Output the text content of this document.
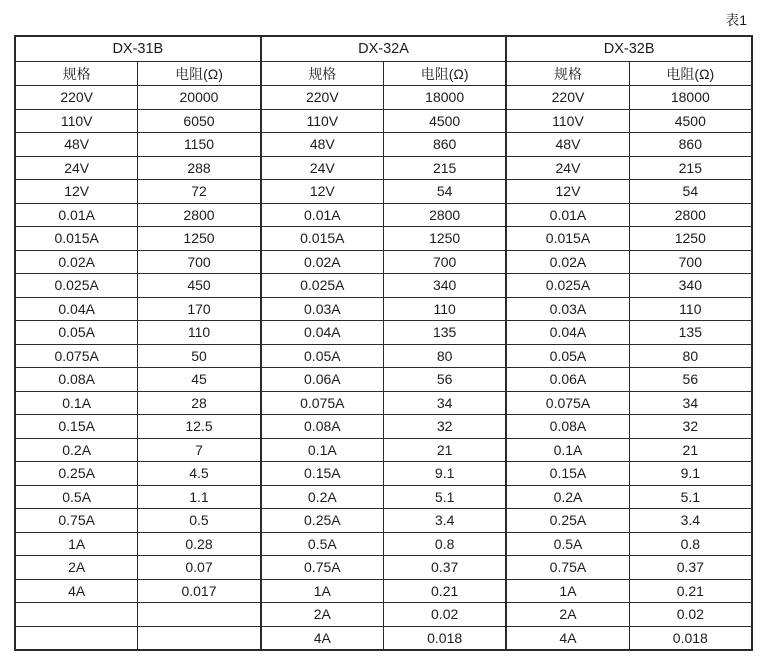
表1
DX-31B		DX-32A		DX-32B	
规格	电阻(Ω)	规格	电阻(Ω)	规格	电阻(Ω)
220V	20000	220V	18000	220V	18000
110V	6050	110V	4500	110V	4500
48V	1150	48V	860	48V	860
24V	288	24V	215	24V	215
12V	72	12V	54	12V	54
0.01A	2800	0.01A	2800	0.01A	2800
0.015A	1250	0.015A	1250	0.015A	1250
0.02A	700	0.02A	700	0.02A	700
0.025A	450	0.025A	340	0.025A	340
0.04A	170	0.03A	110	0.03A	110
0.05A	110	0.04A	135	0.04A	135
0.075A	50	0.05A	80	0.05A	80
0.08A	45	0.06A	56	0.06A	56
0.1A	28	0.075A	34	0.075A	34
0.15A	12.5	0.08A	32	0.08A	32
0.2A	7	0.1A	21	0.1A	21
0.25A	4.5	0.15A	9.1	0.15A	9.1
0.5A	1.1	0.2A	5.1	0.2A	5.1
0.75A	0.5	0.25A	3.4	0.25A	3.4
1A	0.28	0.5A	0.8	0.5A	0.8
2A	0.07	0.75A	0.37	0.75A	0.37
4A	0.017	1A	0.21	1A	0.21
		2A	0.02	2A	0.02
		4A	0.018	4A	0.018
